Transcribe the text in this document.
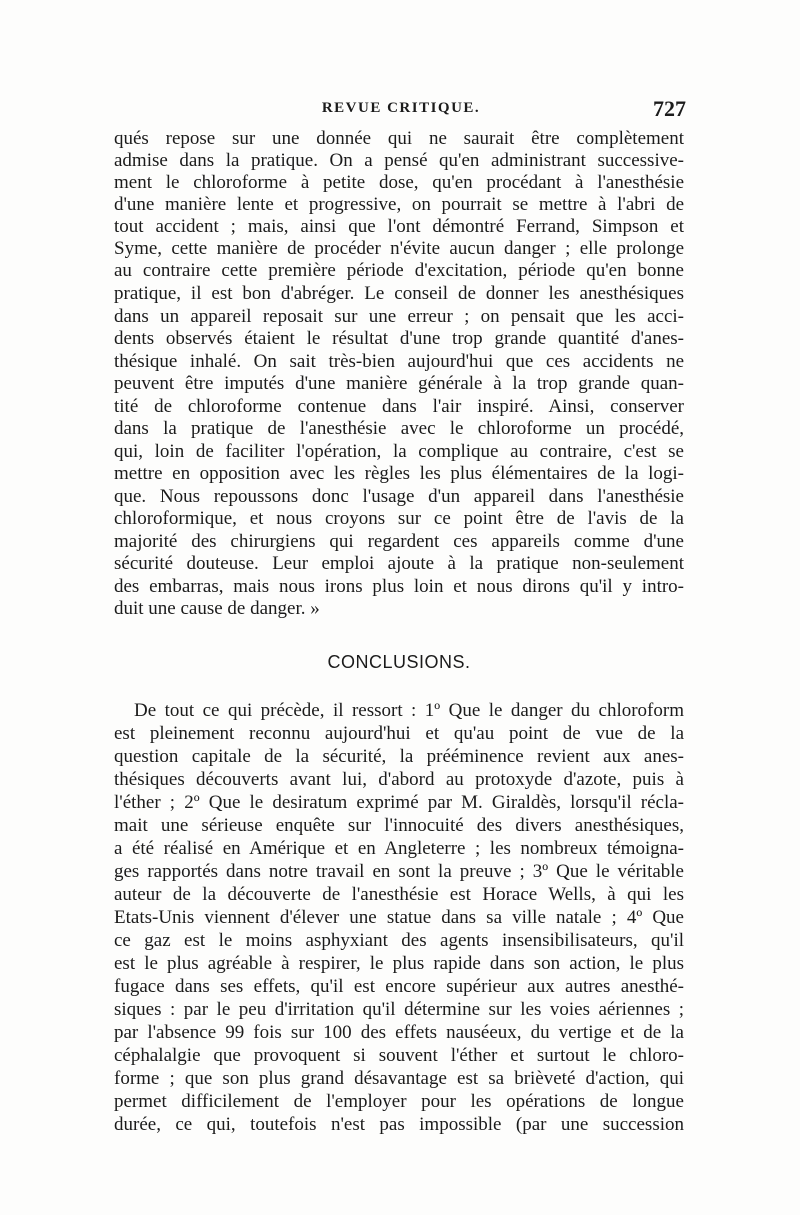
REVUE CRITIQUE.	727
qués repose sur une donnée qui ne saurait être complètement
admise dans la pratique. On a pensé qu'en administrant successive-
ment le chloroforme à petite dose, qu'en procédant à l'anesthésie
d'une manière lente et progressive, on pourrait se mettre à l'abri de
tout accident ; mais, ainsi que l'ont démontré Ferrand, Simpson et
Syme, cette manière de procéder n'évite aucun danger ; elle prolonge
au contraire cette première période d'excitation, période qu'en bonne
pratique, il est bon d'abréger. Le conseil de donner les anesthésiques
dans un appareil reposait sur une erreur ; on pensait que les acci-
dents observés étaient le résultat d'une trop grande quantité d'anes-
thésique inhalé. On sait très-bien aujourd'hui que ces accidents ne
peuvent être imputés d'une manière générale à la trop grande quan-
tité de chloroforme contenue dans l'air inspiré. Ainsi, conserver
dans la pratique de l'anesthésie avec le chloroforme un procédé,
qui, loin de faciliter l'opération, la complique au contraire, c'est se
mettre en opposition avec les règles les plus élémentaires de la logi-
que. Nous repoussons donc l'usage d'un appareil dans l'anesthésie
chloroformique, et nous croyons sur ce point être de l'avis de la
majorité des chirurgiens qui regardent ces appareils comme d'une
sécurité douteuse. Leur emploi ajoute à la pratique non-seulement
des embarras, mais nous irons plus loin et nous dirons qu'il y intro-
duit une cause de danger. »
CONCLUSIONS.
De tout ce qui précède, il ressort : 1º Que le danger du chloroform
est pleinement reconnu aujourd'hui et qu'au point de vue de la
question capitale de la sécurité, la prééminence revient aux anes-
thésiques découverts avant lui, d'abord au protoxyde d'azote, puis à
l'éther ; 2º Que le desiratum exprimé par M. Giraldès, lorsqu'il récla-
mait une sérieuse enquête sur l'innocuité des divers anesthésiques,
a été réalisé en Amérique et en Angleterre ; les nombreux témoigna-
ges rapportés dans notre travail en sont la preuve ; 3º Que le véritable
auteur de la découverte de l'anesthésie est Horace Wells, à qui les
Etats-Unis viennent d'élever une statue dans sa ville natale ; 4º Que
ce gaz est le moins asphyxiant des agents insensibilisateurs, qu'il
est le plus agréable à respirer, le plus rapide dans son action, le plus
fugace dans ses effets, qu'il est encore supérieur aux autres anesthé-
siques : par le peu d'irritation qu'il détermine sur les voies aériennes ;
par l'absence 99 fois sur 100 des effets nauséeux, du vertige et de la
céphalalgie que provoquent si souvent l'éther et surtout le chloro-
forme ; que son plus grand désavantage est sa brièveté d'action, qui
permet difficilement de l'employer pour les opérations de longue
durée, ce qui, toutefois n'est pas impossible (par une succession
